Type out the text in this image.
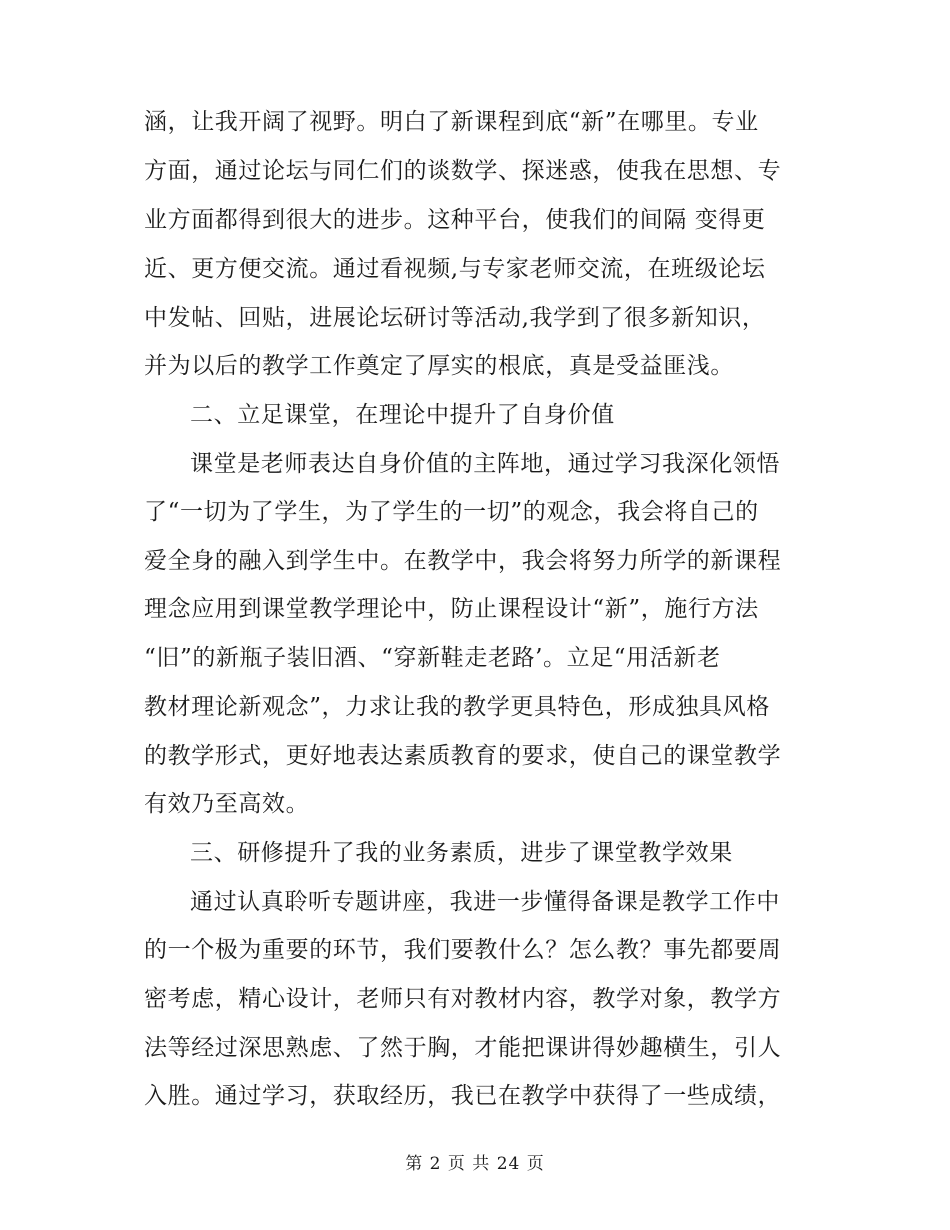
涵，让我开阔了视野。明白了新课程到底“新”在哪里。专业
方面，通过论坛与同仁们的谈数学、探迷惑，使我在思想、专
业方面都得到很大的进步。这种平台，使我们的间隔 变得更
近、更方便交流。通过看视频,与专家老师交流，在班级论坛
中发帖、回贴，进展论坛研讨等活动,我学到了很多新知识，
并为以后的教学工作奠定了厚实的根底，真是受益匪浅。
二、立足课堂，在理论中提升了自身价值
课堂是老师表达自身价值的主阵地，通过学习我深化领悟
了“一切为了学生，为了学生的一切”的观念，我会将自己的
爱全身的融入到学生中。在教学中，我会将努力所学的新课程
理念应用到课堂教学理论中，防止课程设计“新”，施行方法
“旧”的新瓶子装旧酒、“穿新鞋走老路’。立足“用活新老
教材理论新观念”，力求让我的教学更具特色，形成独具风格
的教学形式，更好地表达素质教育的要求，使自己的课堂教学
有效乃至高效。
三、研修提升了我的业务素质，进步了课堂教学效果
通过认真聆听专题讲座，我进一步懂得备课是教学工作中
的一个极为重要的环节，我们要教什么？怎么教？事先都要周
密考虑，精心设计，老师只有对教材内容，教学对象，教学方
法等经过深思熟虑、了然于胸，才能把课讲得妙趣横生，引人
入胜。通过学习，获取经历，我已在教学中获得了一些成绩，
第 2 页 共 24 页
